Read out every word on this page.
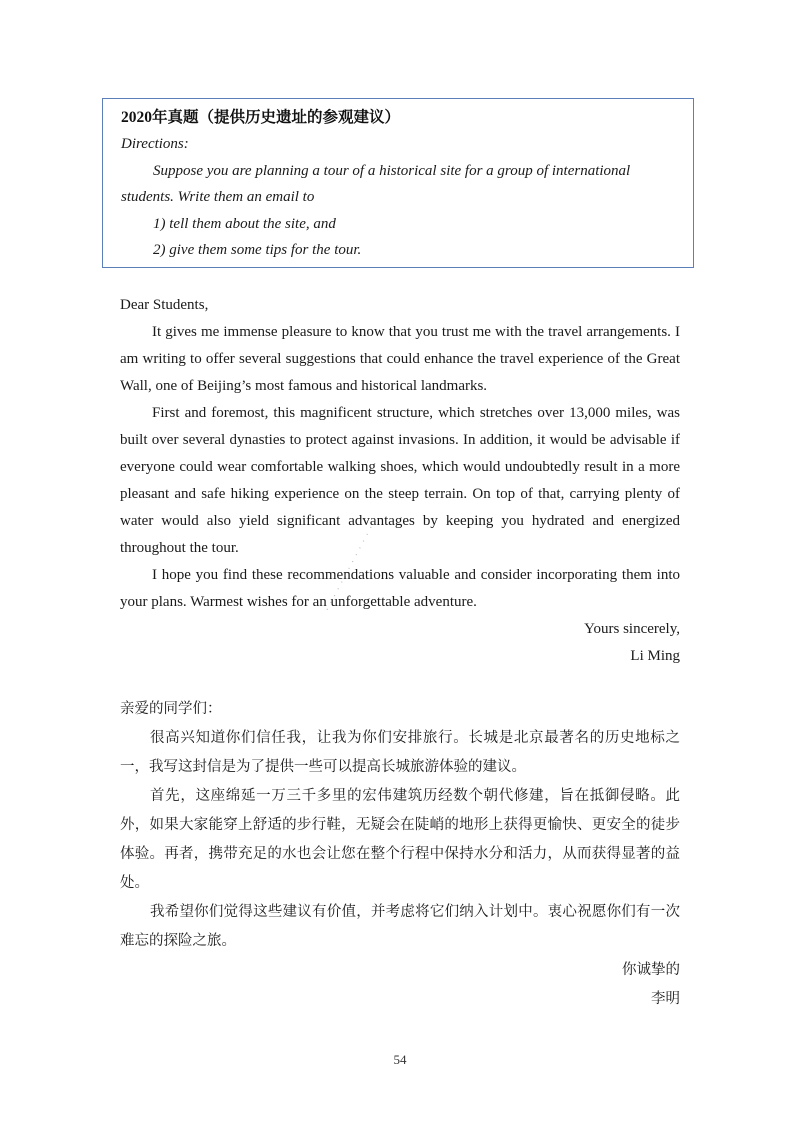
2020年真题（提供历史遗址的参观建议）

Directions:

Suppose you are planning a tour of a historical site for a group of international

students. Write them an email to

1) tell them about the site, and

2) give them some tips for the tour.

Dear Students,

It gives me immense pleasure to know that you trust me with the travel arrangements. I am writing to offer several suggestions that could enhance the travel experience of the Great Wall, one of Beijing’s most famous and historical landmarks.

First and foremost, this magnificent structure, which stretches over 13,000 miles, was built over several dynasties to protect against invasions. In addition, it would be advisable if everyone could wear comfortable walking shoes, which would undoubtedly result in a more pleasant and safe hiking experience on the steep terrain. On top of that, carrying plenty of water would also yield significant advantages by keeping you hydrated and energized throughout the tour.

I hope you find these recommendations valuable and consider incorporating them into your plans. Warmest wishes for an unforgettable adventure.

Yours sincerely,

Li Ming

亲爱的同学们：

很高兴知道你们信任我，让我为你们安排旅行。长城是北京最著名的历史地标之一，我写这封信是为了提供一些可以提高长城旅游体验的建议。

首先，这座绵延一万三千多里的宏伟建筑历经数个朝代修建，旨在抵御侵略。此外，如果大家能穿上舒适的步行鞋，无疑会在陡峭的地形上获得更愉快、更安全的徒步体验。再者，携带充足的水也会让您在整个行程中保持水分和活力，从而获得显著的益处。

我希望你们觉得这些建议有价值，并考虑将它们纳入计划中。衷心祝愿你们有一次难忘的探险之旅。

你诚挚的

李明

· · · · · · · · · · · · · ·
54
